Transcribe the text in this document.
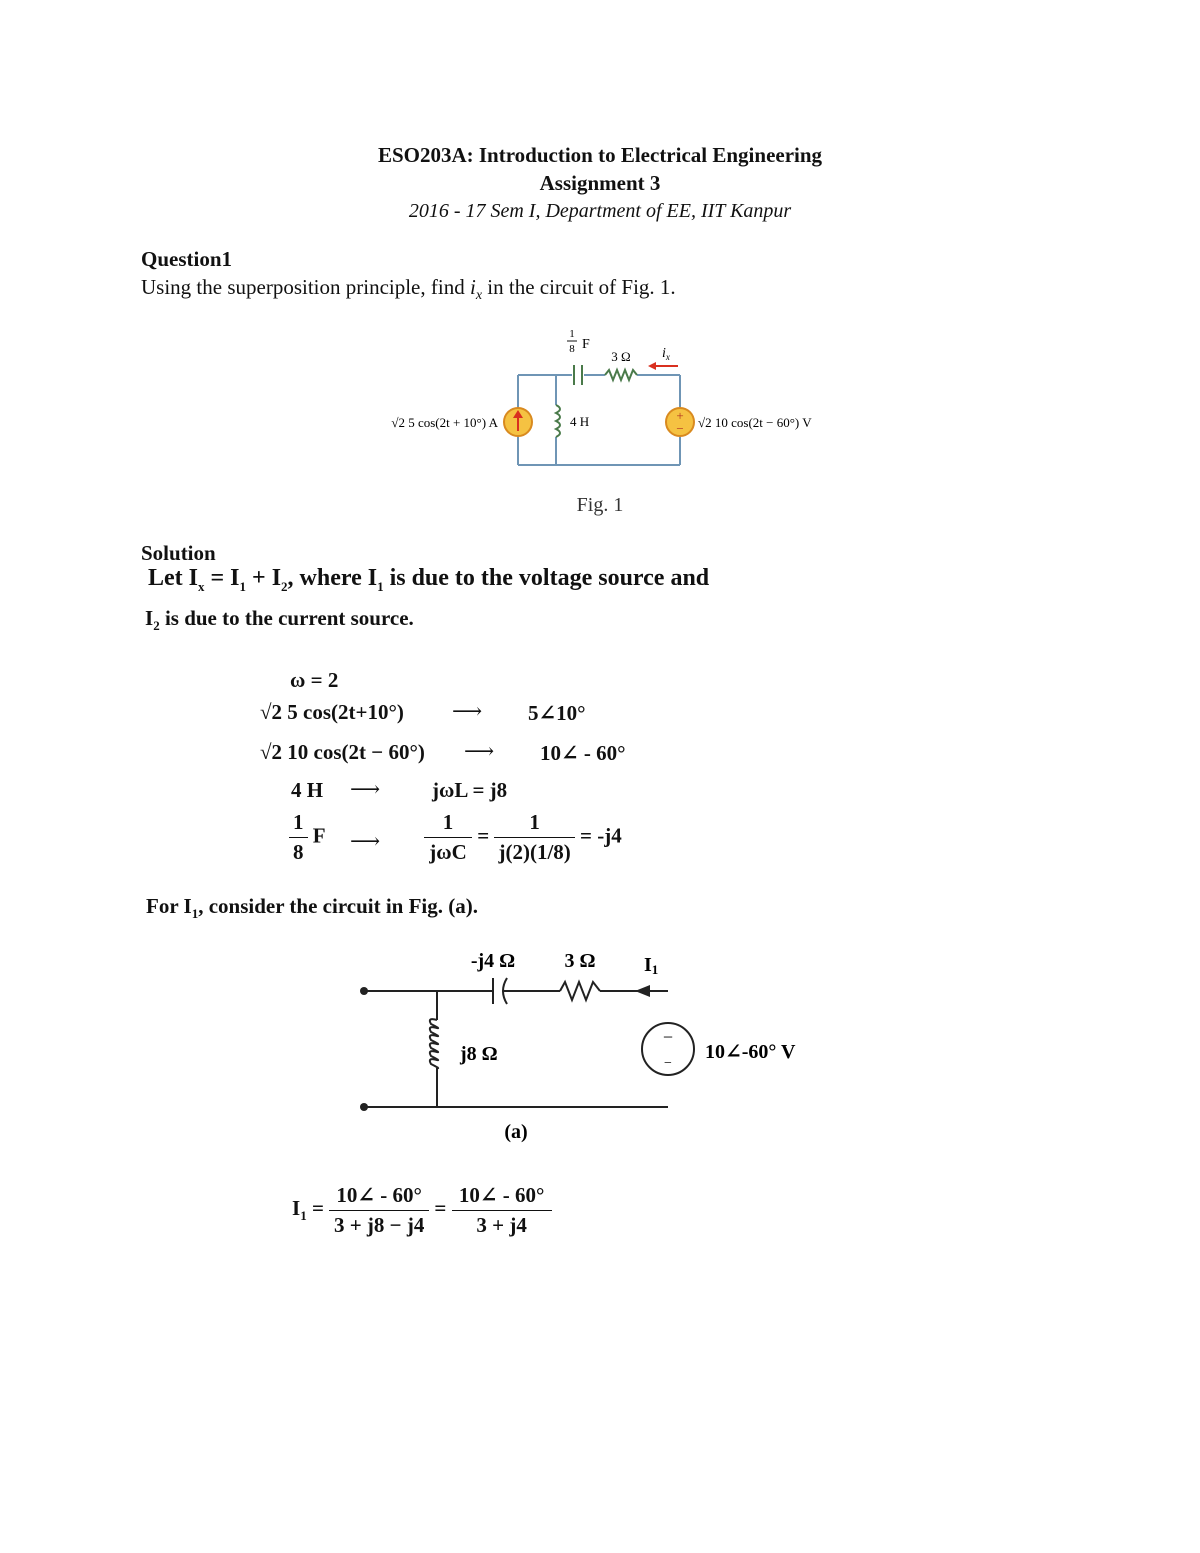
ESO203A: Introduction to Electrical Engineering
Assignment 3
2016 - 17 Sem I, Department of EE, IIT Kanpur
Question1
Using the superposition principle, find $i_x$ in the circuit of Fig. 1.
+
−
1
8 F
3 Ω $i_x$
√2 5 cos(2t + 10°) A	4 H	√2 10 cos(2t − 60°) V
Fig. 1
Solution
Let $I_x = I_1 + I_2$, where $I_1$ is due to the voltage source and
$I_2$ is due to the current source.
ω = 2
√2 5 cos(2t+10°) ⟶ 5∠10°
√2 10 cos(2t − 60°) ⟶ 10∠ - 60°
4 H ⟶ jωL = j8
$\frac{1}{8}$ F ⟶ $\frac{1}{\text{jωC}} = \frac{1}{j(2)(1/8)} = -j4$
For $I_1$, consider the circuit in Fig. (a).
−
−
-j4 Ω 3 Ω I1
j8 Ω	10∠-60° V
(a)
$I_1 = \frac{10\angle - 60^\circ}{3 + j8 - j4} = \frac{10\angle - 60^\circ}{3 + j4}$
